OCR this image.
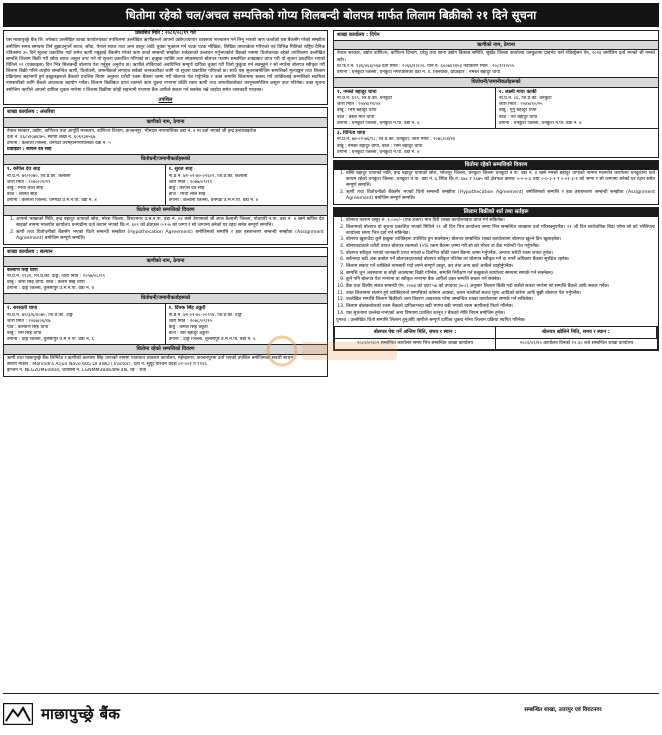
धितोमा रहेको चल/अचल सम्पत्तिको गोप्य शिलबन्दी बोलपत्र मार्फत लिलाम बिक्रीको २१ दिने सूचना
प्रकाशित मिति : २०८१/०८/१९ गते

यस माछापुच्छ्रे बैंक लि. तर्फबाट उल्लेखित शाखा कार्यालयबाट तपशिलमा उल्लेखित ऋणीहरूले आफ्नो उद्योग/व्यापार व्यवसाय सञ्चालन गर्न लिनु भएको ऋण कर्जाको यस बैंकसँग गरेको सम्झौता बमोजिम समय समयमा तिर्न बुझाउनुपर्ने ब्याज, साँवा, पेनाल ब्याज तथा अन्य दस्तुर आदि चुक्ता भुक्तान गर्न पटक पटक मौखिक, लिखित तारताकेता गरिएको एवं विभिन्न मितिको राष्ट्रिय दैनिक पत्रिकामा ३५ दिने सूचना प्रकाशित गर्दा समेत ऋणी नबुझाई बैंकसँग गरेको ऋण कर्जा सम्बन्धी सम्झौता शर्तहरूको उल्लंघन गर्नुभएकोले बैंकको नाममा धितोबन्धक रहेको तपशिलमा उल्लेखित सम्पत्ति लिलाम बिक्री गरी साँवा ब्याज असुल उपर गर्न यो सूचना प्रकाशित गरिएको छ। इच्छुक व्यक्ति तथा संघसंस्थाले बोलपत्र फाराम सम्बन्धित शाखाबाट प्राप्त गरी यो सूचना प्रकाशित भएको मितिले २१ (एक्काइस) दिन भित्र सिलबन्दी बोलपत्र पेश गर्नुहुन अनुरोध छ। ऋणीले तोकिएको अवधिभित्र सम्पूर्ण दायित्व चुक्ता गरी धितो फुकुवा गर्न सक्नुहुने र सो नगरेमा बोलपत्र स्वीकृत गरी लिलाम बिक्री गरिने व्यहोरा सम्बन्धित ऋणी, धितोधनी, जमानीकर्ता लगायत सबैको जानकारीका लागि यो सूचना प्रकाशित गरिएको छ। साथै यस सूचनाबमोजिम सम्पत्तिको मूल्याङ्कन तथा लिलाम प्रक्रियामा सहभागी हुने इच्छुकहरूले बैंकको प्रचलित नियम अनुसार धरौटी रकम बैंकमा जम्मा गरी बोलपत्र पेश गर्नुपर्नेछ र उक्त सम्पत्ति लिलाममा सकार गर्ने व्यक्तिलाई सम्पत्तिको स्वामित्व नामसारीको लागि बैंकले आवश्यक सहयोग गर्नेछ। लिलाम बिक्रीबाट प्राप्त रकमले ऋण चुक्ता नभएमा बाँकी रकम ऋणी तथा जमानीकर्ताबाट कानूनबमोजिम असुल उपर गरिनेछ। उक्त सूचना बमोजिम ऋणीले आफ्नो दायित्व चुक्ता नगरेमा र लिलाम बिक्रीमा कोही सहभागी नभएमा बैंक आफैंले सकार गर्न सक्नेछ भन्ने व्यहोरा समेत जानकारी गराइन्छ।

तपशिल
शाखा कार्यालय : अत्तरिया
ऋणीको नाम, ठेगाना

नेपाल सरकार, उद्योग, वाणिज्य तथा आपूर्ति मन्त्रालय, वाणिज्य विभाग, कञ्चनपुर, भीमदत्त नगरपालिका वडा नं. ४ मा दर्ता भएको श्री इन्द्र इन्टरप्राइजेज

दर्ता नं. ६६८४/०७४/७५, स्थायी लेखा नं. ६०६२३४५६७
ठेगाना : कैलाली जिल्ला, धनगढी उपमहानगरपालिका वडा नं. ५
प्रोप्राइटर : कपिल देव साह
धितोधनी/जमानीकर्ताहरूको
१. कपिल देव साह
ना.प्र.नं. ७२/२०७०, जि.प्र.का. कैलाली
जारी मिति : २०७०/०२/१९
बाबु : मिथी लाल साह
बाजे : ललित साह
ठेगाना : कैलाली जिल्ला, धनगढी उ.म.न.पा. वडा नं. ४
२. सुरज साह
ना.प्र.नं. ७१-०१-७०-०२६०९, जि.प्र.का. कैलाली
जारी मिति : २०७७/०९/१९
बाबु : कपिल देव साह
बाजे : मिथी लाल साह
ठेगाना : कैलाली जिल्ला, धनगढी उ.म.न.पा. वडा नं. ४
धितोमा रहेको सम्पत्तिको विवरण
1. आफ्नो भाखाको मिति, इन्द्र बहादुर थापाको छोरा, मोरङ जिल्ला, विराटनगर उ.म.न.पा. वडा नं. १४ बस्ने ठेगानाको श्री लाल कैलाली जिल्ला, गोदावरी न.पा. वडा नं. ४ बस्ने कपिल देव साहको नाममा मालपोत कार्यालय धनगढीमा दर्ता कायम भएको कि.नं. ६०९ को क्षेत्रफल ०-१-७ को जग्गा र सो जग्गामा बनेको घर टहरा समेत सम्पूर्ण सम्पत्ति।
2. ऋणी तथा धितोधनीको बैंकसँग भएको धितो सम्बन्धी सम्झौता (Hypothecation Agreement) बमोजिमको सम्पत्ति र हक हस्तान्तरण सम्बन्धी सम्झौता (Assignment Agreement) बमोजिम सम्पूर्ण सम्पत्ति।
शाखा कार्यालय : सल्यान
ऋणीको नाम, ठेगाना
कल्याण सिंह थापा
ना.प्र.नं. ९९३१, जि.प्र.का. दाङ्ग, जारी मिति : २०५७/०८/२९
बाबु : जोरी सिंह थापा, बाजे : कलम सिंह थापा
ठेगाना : दाङ्ग जिल्ला, तुलसीपुर उ.म.न.पा. वडा नं. ४
धितोधनी/जमानीकर्ताहरूको
१. सरस्वती थापा
ना.प्र.नं. ७२/३/६/४०७०, जि.प्र.का. दाङ्ग
जारी मिति : २०६७/०६/१७
पति : कल्याण सिंह थापा
बाबु : राम सिंह थापा
ठेगाना : दाङ्ग जिल्ला, तुलसीपुर उ.म.न.पा. वडा नं. ६
२. दिपक सिंह ठकुरी
ना.प्र.नं. ७१-०१-७८-००९९४, जि.प्र.का. दाङ्ग
जारी मिति : २०७८/०९/१५
बाबु : कमल सिंह ठकुरी
बाजे : बीर बहादुर ठकुरी
ठेगाना : दाङ्ग जिल्ला, तुलसीपुर उ.म.न.पा. वडा नं. ६
धितोमा रहेको सम्पत्तिको विवरण

ऋणी तथा माछापुच्छ्रे बैंक लिमिटेड र ऋणीको कल्याण सिंह थापाको नाममा यातायात व्यवस्था कार्यालय, महेन्द्रनगर, कञ्चनपुरमा दर्ता भएको तपशिल बमोजिमको सवारी साधन

सवारी मोडेल : Mahindra Arjun Novo 605 DI 4WD (Tractor), दर्ता नं. सुदूर पश्चिम प्रदेश ०२-००१ त ११२६
इन्जिन नं. NLG2UME0004, च्यासिस नं. LGNMM38464MF4N, रङ : रातो
शाखा कार्यालय : दिपेन
ऋणीको नाम, ठेगाना

नेपाल सरकार, उद्योग वाणिज्य, वाणिज्य विभाग, घरेलु तथा साना उद्योग विकास समिति, सुर्खेत जिल्ला कार्यालय धनकुटामा प्राइभेट फर्म रजिस्ट्रेसन ऐन, २०१४ बमोजिम दर्ता भएको श्री नमस्ते स्टोर।

प्रा.फ.र.नं. १३६/०६६/०६७ दर्ता मिति : २०६६/१२/०२, पान नं. ६००७६९४५३ नवीकरण मिति : २०८१/१२/०५
ठेगाना : धनकुटा जिल्ला, धनकुटा नगरपालिका वडा नं. ४, तिलचोक, प्रोप्राइटर : नमस्ते बहादुर थापा
धितोधनी/जमानीकर्ताहरूको
१. नमस्ते बहादुर थापा
ना.प्र.नं. ६९९, जि.प्र.का. धनकुटा
जारी मिति : २०४४/११/०४
बाबु : भिम बहादुर थापा
बाजे : बस्ती मान थापा
ठेगाना : धनकुटा जिल्ला, धनकुटा न.पा. वडा नं. ६
२. लक्ष्मी माया कार्की
ना.प्र.नं. ८६, जि.प्र.का. धनकुटा
जारी मिति : २०४४/१०/२५
बाबु : गुगु बहादुर थापा
बाजे : नेत्र बहादुर थापा
ठेगाना : धनकुटा जिल्ला, धनकुटा न.पा. वडा नं. ४
३. विनिता थापा
ना.प्र.नं. ७७-०१-७६/१८, जि.प्र.का. धनकुटा, जारी मिति : २०७८/०४/२४
बाबु : नमस्ते बहादुर थापा, बाजे : भिम बहादुर थापा
ठेगाना : धनकुटा जिल्ला, धनकुटा न.पा. वडा नं. ४
धितोमा रहेको सम्पत्तिको विवरण
1. बस्ति बहादुर थापाको नाति, इन्द्र बहादुर थापाको छोरा, भोजपुर जिल्ला, धनकुटा जिल्ला धनकुटा न.पा. वडा नं. ४ बस्ने नमस्ते बहादुर थापाको नाममा मालपोत कार्यालय धनकुटामा दर्ता कायम रहेको धनकुटा जिल्ला, धनकुटा न.पा. वडा नं. ६ स्थित कि.नं. ६७८ र ९६७५ को क्षेत्रफल क्रमशः ०-५-०-६ तथा ०-०-३-१ र ०-०१-३-१ को जग्गा र सो जग्गामा बनेको घर टहरा समेत सम्पूर्ण सम्पत्ति।
2. ऋणी तथा धितोधनीको बैंकसँग भएको धितो सम्बन्धी सम्झौता (Hypothecation Agreement) बमोजिमको सम्पत्ति र हक हस्तान्तरण सम्बन्धी सम्झौता (Assignment Agreement) बमोजिम सम्पूर्ण सम्पत्ति।
लिलाम बिक्रीको शर्त तथा सर्तहरू
1. बोलपत्र फाराम दस्तुर रु. १,०००/- (एक हजार) मात्र तिरी शाखा कार्यालयबाट प्राप्त गर्न सकिनेछ।
2. लिलामको बोलपत्र यो सूचना प्रकाशित भएको मितिले २१ औं दिन भित्र कार्यालय समय भित्र सम्बन्धित शाखामा दर्ता गरिसक्नुपर्नेछ। २१ औं दिन सार्वजनिक बिदा परेमा सो को भोलिपल्ट कार्यालय समय भित्र दर्ता गर्न सकिनेछ।
3. बोलपत्र खुलाउँदा कुनै इच्छुक व्यक्तिहरू उपस्थित हुन सक्नेछन्। बोलपत्र सम्बन्धित शाखा कार्यालयमा बोलपत्र खुल्ने दिन खुलाइनेछ।
4. बोलपत्रदाताले धरौटी बापत बोलपत्र रकमको १०% रकम बैंकमा जम्मा गरी सो को भौचर वा बैंक ग्यारेन्टी पेश गर्नुपर्नेछ।
5. बोलपत्र स्वीकृत भएको जानकारी प्राप्त भएको ७ दिनभित्र बाँकी रकम बैंकमा जम्मा गर्नुपर्नेछ, अन्यथा धरौटी रकम जफत हुनेछ।
6. सबैभन्दा बढी अंक कबोल गर्ने बोलपत्रदातालाई बोलपत्र स्वीकृत गरिनेछ तर बोलपत्र स्वीकृत गर्ने वा नगर्ने अधिकार बैंकमा सुरक्षित रहनेछ।
7. लिलाम सकार गर्ने व्यक्तिले नामसारी गर्दा लाग्ने सम्पूर्ण दस्तुर, कर तथा अन्य खर्च आफैंले व्यहोर्नुपर्नेछ।
8. सम्पत्ति जुन अवस्थामा छ सोही अवस्थामा बिक्री गरिनेछ, सम्पत्ति निरीक्षण गर्न इच्छुकले कार्यालय समयमा सम्पर्क गर्न सक्नेछन्।
9. कुनै पनि बोलपत्र पेश नभएमा वा स्वीकृत नभएमा बैंक आफैंले उक्त सम्पत्ति सकार गर्न सक्नेछ।
10. बैंक तथा वित्तीय संस्था सम्बन्धी ऐन, २०७३ को दफा ५७ को उपदफा (७-८) अनुसार लिलाम बिक्री गर्दा कसैले सकार नगरेमा सो सम्पत्ति बैंकले आफैं सकार गर्नेछ।
11. उक्त लिलाममा संलग्न हुने व्यक्तिहरूले सम्पत्तिको वर्तमान अवस्था, चलन चल्तीको बजार मूल्य आदिको बारेमा आफैं बुझी बोलपत्र पेश गर्नुपर्नेछ।
12. उल्लेखित सम्पत्ति लिलाम बिक्रीको अन्य विवरण आवश्यक परेमा सम्बन्धित शाखा कार्यालयमा सम्पर्क गर्न सकिनेछ।
13. लिलाम बोलकबोलको रकम बैंकको दायित्वभन्दा बढी भएमा बढी भएको रकम ऋणीलाई फिर्ता गरिनेछ।
14. यस सूचनामा उल्लेख नभएको अन्य विषयमा प्रचलित कानून र बैंकको नीति नियम बमोजिम हुनेछ।

पुनश्च : उल्लेखित धितो सम्पत्ति लिलाम हुनुअघि ऋणीले सम्पूर्ण दायित्व चुक्ता गरेमा लिलाम प्रक्रिया स्थगित गरिनेछ।

बोलपत्र पेश गर्ने अन्तिम मिति, समय र स्थान :	बोलपत्र खोलिने मिति, समय र स्थान :
२०८१/०९/०९ सम्बन्धित कार्यालय समय भित्र सम्बन्धित शाखा कार्यालय	२०८१/०९/१० कार्यालय दिनको १२:३० बजे सम्बन्धित शाखा कार्यालय
माछापुच्छ्रे बैंक	सम्बन्धित शाखा, उत्तरपुर एवं विराटनगर
